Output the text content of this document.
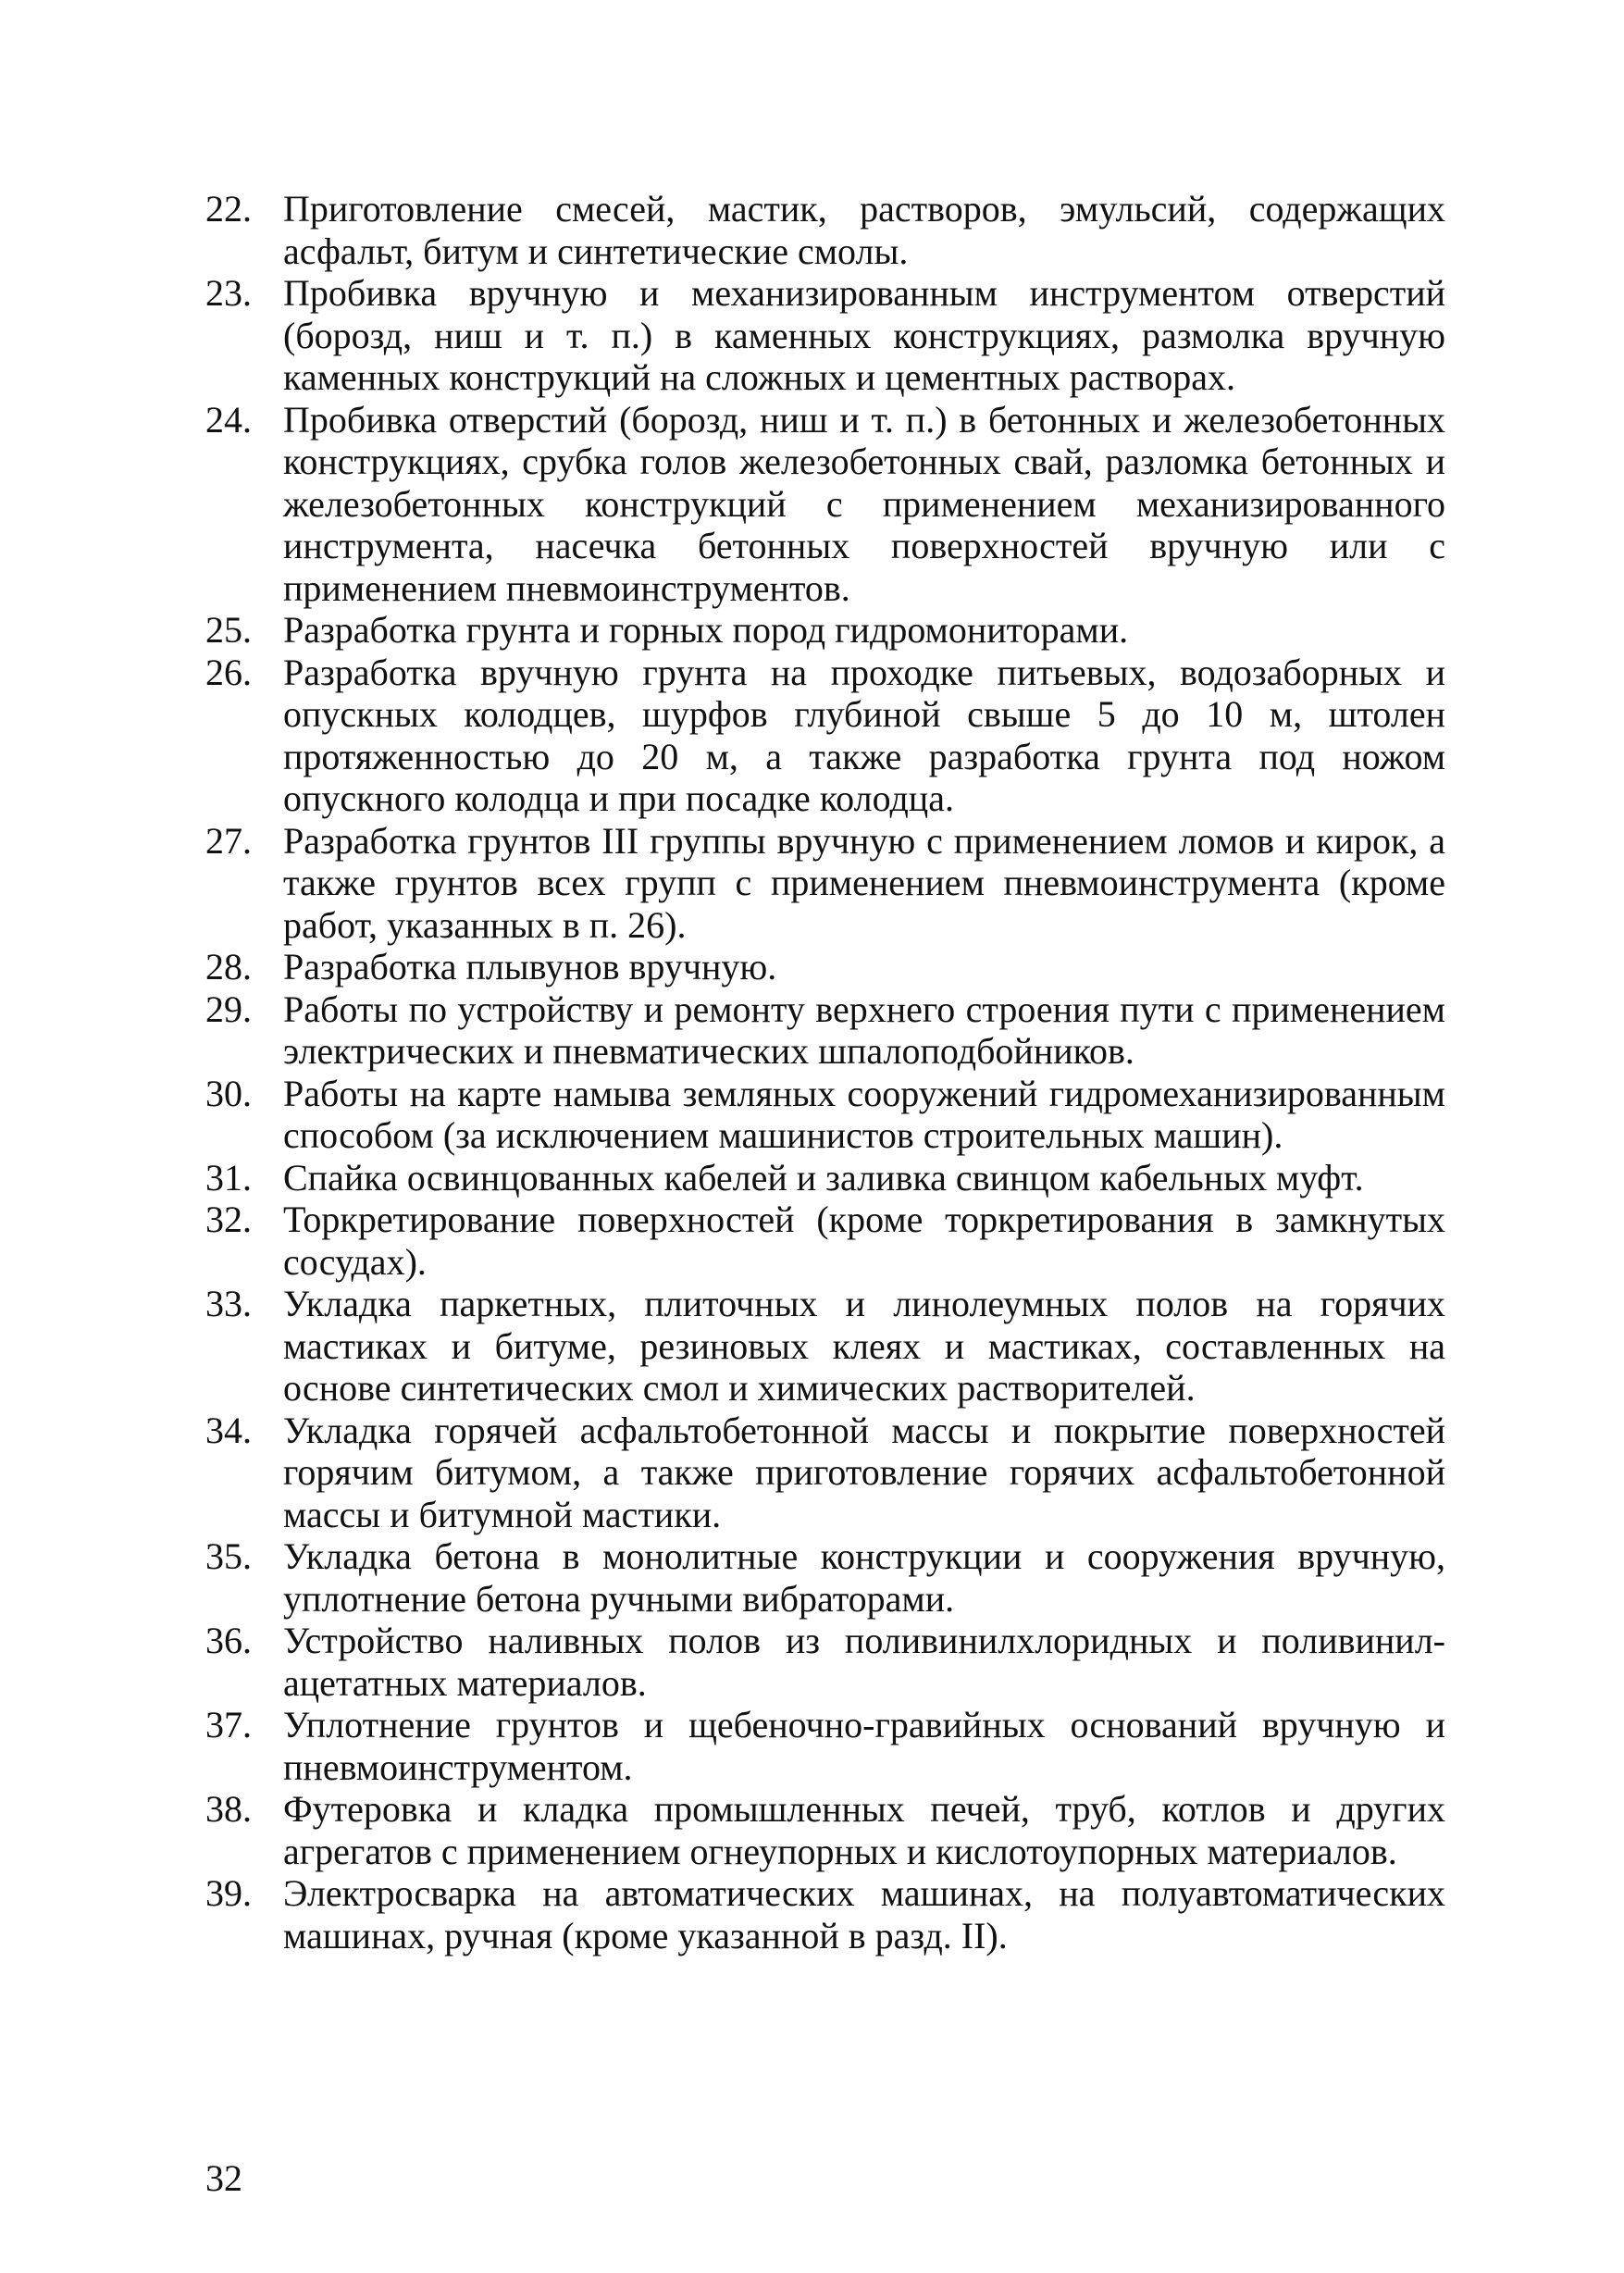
22. Приготовление смесей, мастик, растворов, эмульсий, содержащих асфальт, битум и синтетические смолы.
23. Пробивка вручную и механизированным инструментом отверстий (борозд, ниш и т. п.) в каменных конструкциях, размолка вручную каменных конструкций на сложных и цементных растворах.
24. Пробивка отверстий (борозд, ниш и т. п.) в бетонных и железобетонных конструкциях, срубка голов железобетонных свай, разломка бетонных и железобетонных конструкций с применением механизированного инструмента, насечка бетонных поверхностей вручную или с применением пневмоинструментов.
25. Разработка грунта и горных пород гидромониторами.
26. Разработка вручную грунта на проходке питьевых, водозаборных и опускных колодцев, шурфов глубиной свыше 5 до 10 м, штолен протяженностью до 20 м, а также разработка грунта под ножом опускного колодца и при посадке колодца.
27. Разработка грунтов III группы вручную с применением ломов и кирок, а также грунтов всех групп с применением пневмоинструмента (кроме работ, указанных в п. 26).
28. Разработка плывунов вручную.
29. Работы по устройству и ремонту верхнего строения пути с применением электрических и пневматических шпалоподбойников.
30. Работы на карте намыва земляных сооружений гидромеханизированным способом (за исключением машинистов строительных машин).
31. Спайка освинцованных кабелей и заливка свинцом кабельных муфт.
32. Торкретирование поверхностей (кроме торкретирования в замкнутых сосудах).
33. Укладка паркетных, плиточных и линолеумных полов на горячих мастиках и битуме, резиновых клеях и мастиках, составленных на основе синтетических смол и химических растворителей.
34. Укладка горячей асфальтобетонной массы и покрытие поверхностей горячим битумом, а также приготовление горячих асфальтобетонной массы и битумной мастики.
35. Укладка бетона в монолитные конструкции и сооружения вручную, уплотнение бетона ручными вибраторами.
36. Устройство наливных полов из поливинилхлоридных и поливинилацетатных материалов.
37. Уплотнение грунтов и щебеночно-гравийных оснований вручную и пневмоинструментом.
38. Футеровка и кладка промышленных печей, труб, котлов и других агрегатов с применением огнеупорных и кислотоупорных материалов.
39. Электросварка на автоматических машинах, на полуавтоматических машинах, ручная (кроме указанной в разд. II).
32
